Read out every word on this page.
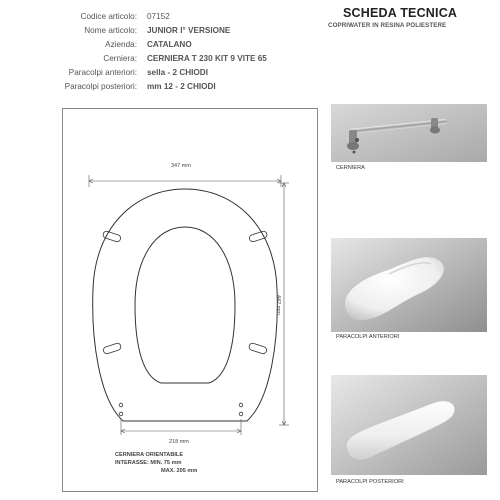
SCHEDA TECNICA
COPRIWATER IN RESINA POLIESTERE
Codice articolo: 07152
Nome articolo: JUNIOR I° VERSIONE
Azienda: CATALANO
Cerniera: CERNIERA T 230 KIT 9 VITE 65
Paracolpi anteriori: sella - 2 CHIODI
Paracolpi posteriori: mm 12 - 2 CHIODI
347 mm
442 mm
218 mm
CERNIERA ORIENTABILE
INTERASSE: MIN. 75 mm
MAX. 205 mm
CERNIERA
PARACOLPI ANTERIORI
PARACOLPI POSTERIORI
